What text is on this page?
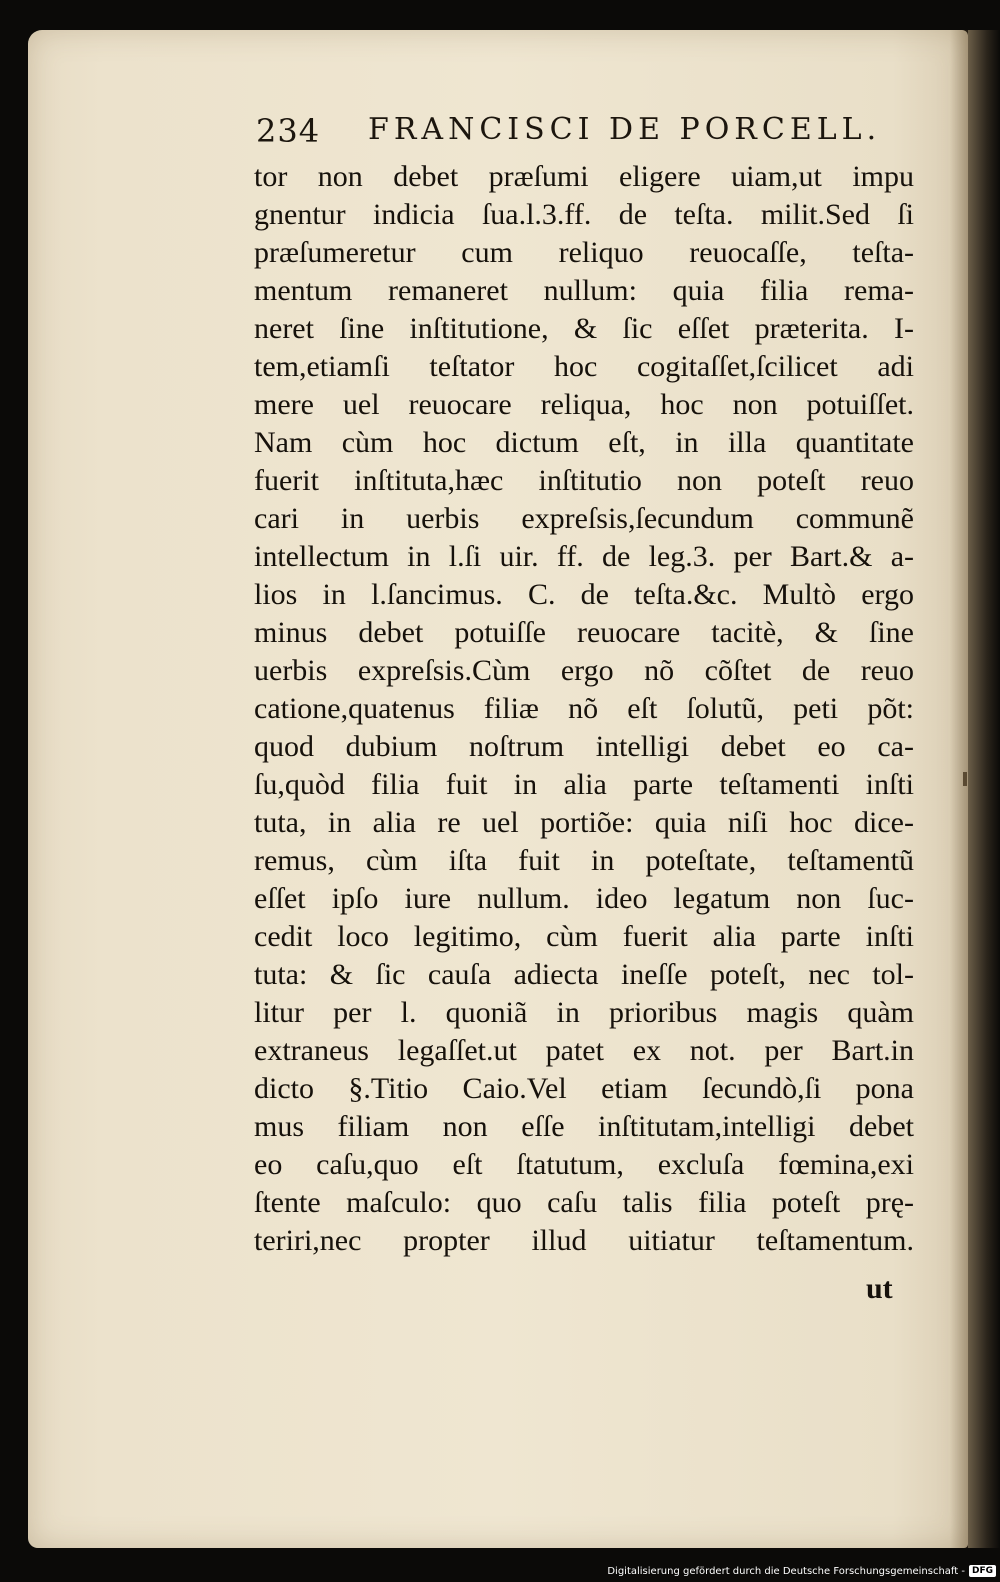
234 FRANCISCI DE PORCELL.
tor non debet præſumi eligere uiam,ut impu
gnentur indicia ſua.l.3.ff. de teſta. milit.Sed ſi
præſumeretur cum reliquo reuocaſſe, teſta-
mentum remaneret nullum: quia filia rema-
neret ſine inſtitutione, & ſic eſſet præterita. I-
tem,etiamſi teſtator hoc cogitaſſet,ſcilicet adi
mere uel reuocare reliqua, hoc non potuiſſet.
Nam cùm hoc dictum eſt, in illa quantitate
fuerit inſtituta,hæc inſtitutio non poteſt reuo
cari in uerbis expreſsis,ſecundum communẽ
intellectum in l.ſi uir. ff. de leg.3. per Bart.& a-
lios in l.ſancimus. C. de teſta.&c. Multò ergo
minus debet potuiſſe reuocare tacitè, & ſine
uerbis expreſsis.Cùm ergo nõ cõſtet de reuo
catione,quatenus filiæ nõ eſt ſolutũ, peti põt:
quod dubium noſtrum intelligi debet eo ca-
ſu,quòd filia fuit in alia parte teſtamenti inſti
tuta, in alia re uel portiõe: quia niſi hoc dice-
remus, cùm iſta fuit in poteſtate, teſtamentũ
eſſet ipſo iure nullum. ideo legatum non ſuc-
cedit loco legitimo, cùm fuerit alia parte inſti
tuta: & ſic cauſa adiecta ineſſe poteſt, nec tol-
litur per l. quoniã in prioribus magis quàm
extraneus legaſſet.ut patet ex not. per Bart.in
dicto §.Titio Caio.Vel etiam ſecundò,ſi pona
mus filiam non eſſe inſtitutam,intelligi debet
eo caſu,quo eſt ſtatutum, excluſa fœmina,exi
ſtente maſculo: quo caſu talis filia poteſt prę-
teriri,nec propter illud uitiatur teſtamentum.
ut
Digitalisierung gefördert durch die Deutsche Forschungsgemeinschaft - DFG
